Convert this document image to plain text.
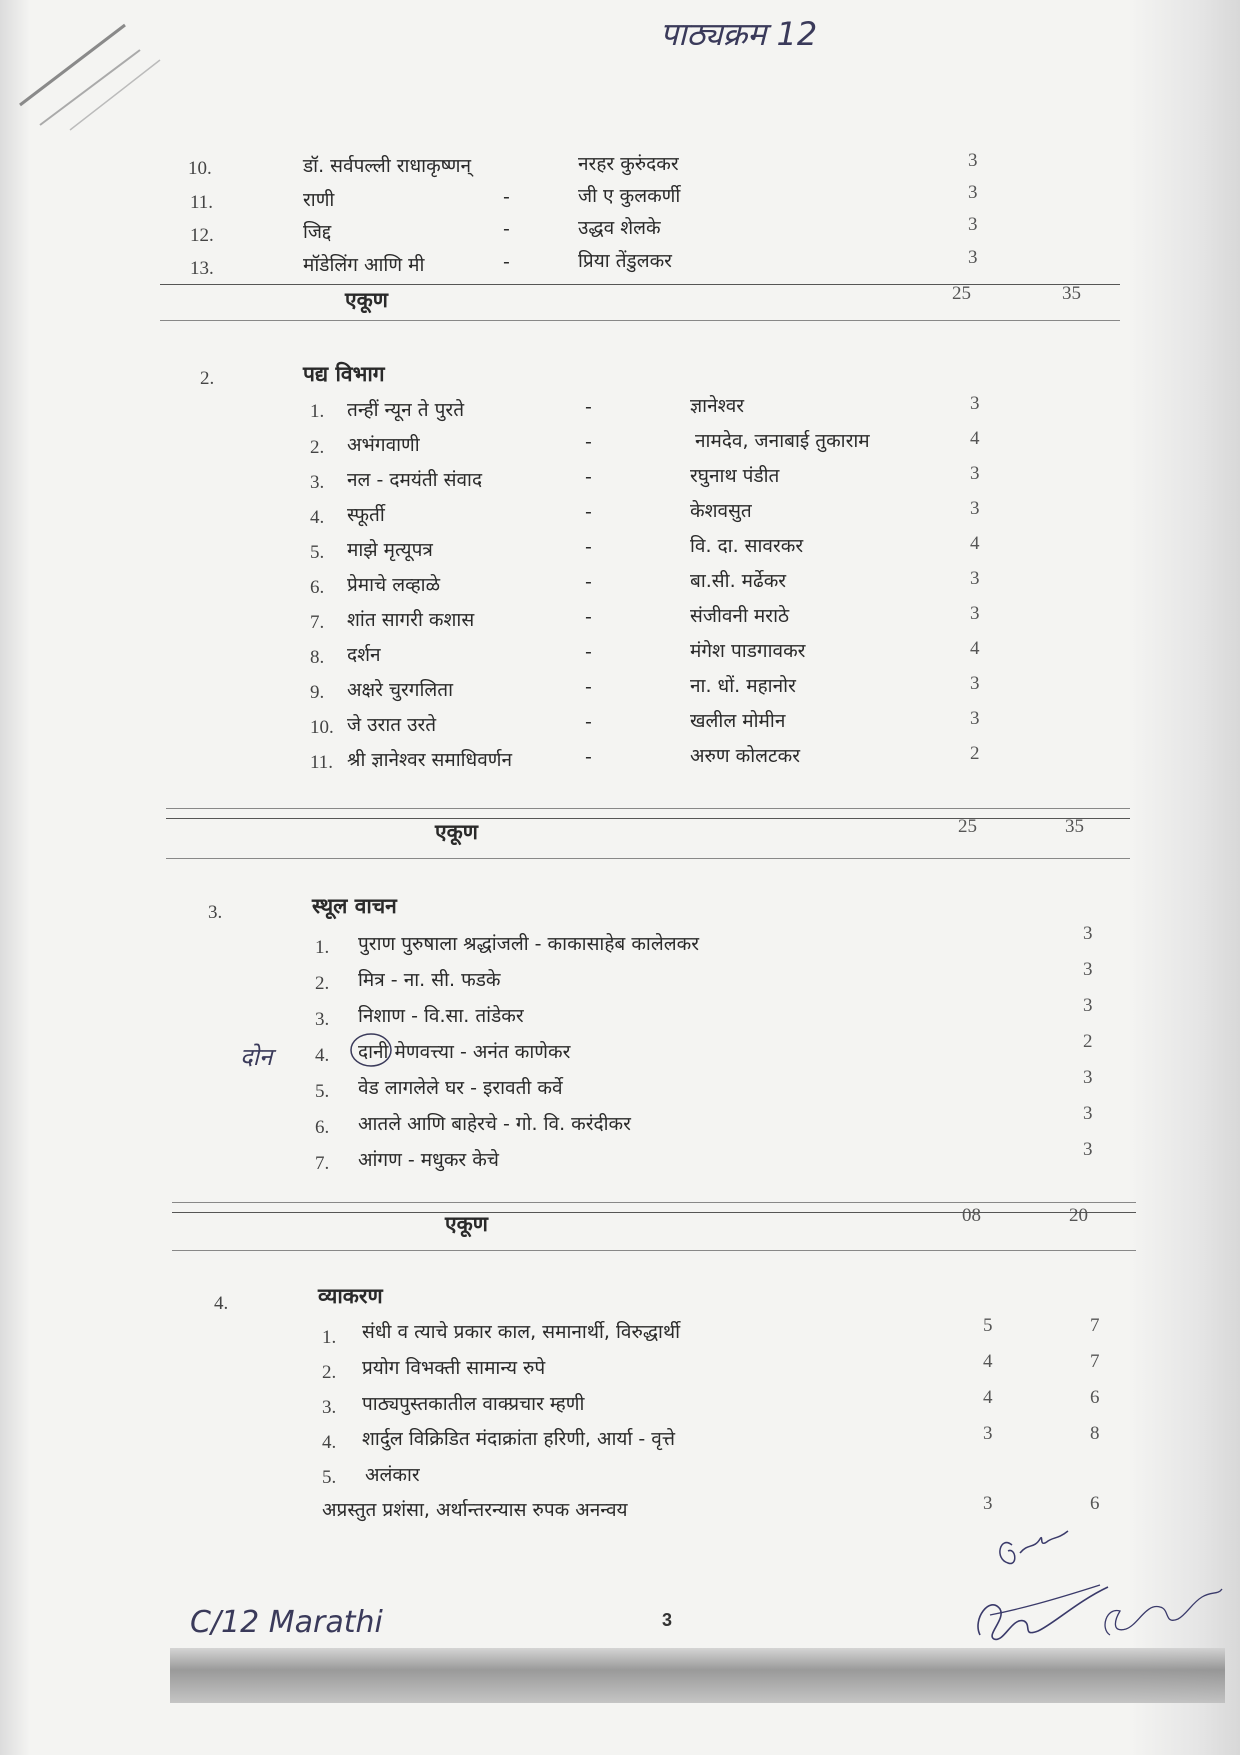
पाठ्यक्रम 12
10.	डॉ. सर्वपल्ली राधाकृष्णन्	नरहर कुरुंदकर	3
11.	राणी	-	जी ए कुलकर्णी	3
12.	जिद्द	-	उद्धव शेलके	3
13.	मॉडेलिंग आणि मी	-	प्रिया तेंडुलकर	3
एकूण	25	35
2.	पद्य विभाग
1. तन्हीं न्यून ते पुरते	-	ज्ञानेश्वर	3
2. अभंगवाणी	-	नामदेव, जनाबाई तुकाराम	4
3. नल - दमयंती संवाद	-	रघुनाथ पंडीत	3
4. स्फूर्ती	-	केशवसुत	3
5. माझे मृत्यूपत्र	-	वि. दा. सावरकर	4
6. प्रेमाचे लव्हाळे	-	बा.सी. मर्ढेकर	3
7. शांत सागरी कशास	-	संजीवनी मराठे	3
8. दर्शन	-	मंगेश पाडगावकर	4
9. अक्षरे चुरगलिता	-	ना. धों. महानोर	3
10. जे उरात उरते	-	खलील मोमीन	3
11. श्री ज्ञानेश्वर समाधिवर्णन	-	अरुण कोलटकर	2
एकूण	25	35
3.	स्थूल वाचन
दोन
1. पुराण पुरुषाला श्रद्धांजली - काकासाहेब कालेलकर	3
2. मित्र - ना. सी. फडके	3
3. निशाण - वि.सा. तांडेकर	3
4. दानी मेणवत्त्या - अनंत काणेकर	2
5. वेड लागलेले घर - इरावती कर्वे	3
6. आतले आणि बाहेरचे - गो. वि. करंदीकर	3
7. आंगण - मधुकर केचे	3
एकूण	08	20
4.	व्याकरण
1. संधी व त्याचे प्रकार काल, समानार्थी, विरुद्धार्थी	5	7
2. प्रयोग विभक्ती सामान्य रुपे	4	7
3. पाठ्यपुस्तकातील वाक्प्रचार म्हणी	4	6
4. शार्दुल विक्रिडित मंदाक्रांता हरिणी, आर्या - वृत्ते	3	8
5. अलंकार
अप्रस्तुत प्रशंसा, अर्थान्तरन्यास रुपक अनन्वय	3	6
C/12 Marathi	3
